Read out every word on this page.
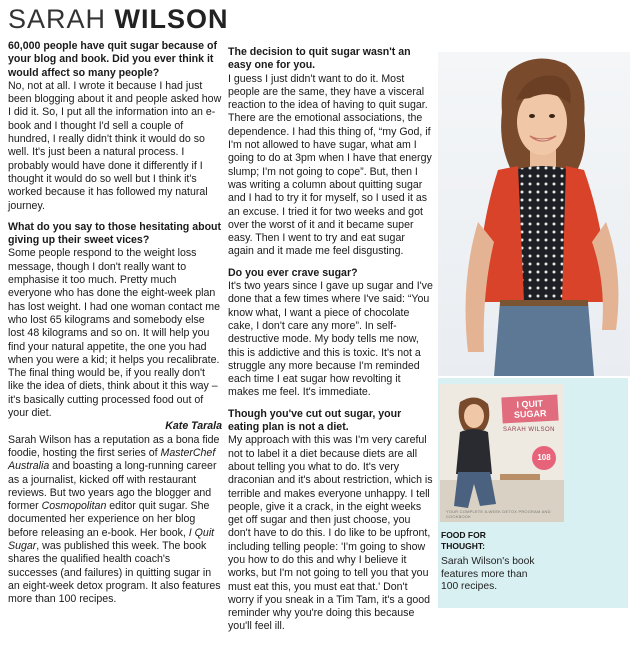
SARAH WILSON

60,000 people have quit sugar because of your blog and book. Did you ever think it would affect so many people?

No, not at all. I wrote it because I had just been blogging about it and people asked how I did it. So, I put all the information into an e-book and I thought I'd sell a couple of hundred, I really didn't think it would do so well. It's just been a natural process. I probably would have done it differently if I thought it would do so well but I think it's worked because it has followed my natural journey.

What do you say to those hesitating about giving up their sweet vices?

Some people respond to the weight loss message, though I don't really want to emphasise it too much. Pretty much everyone who has done the eight-week plan has lost weight. I had one woman contact me who lost 65 kilograms and somebody else lost 48 kilograms and so on. It will help you find your natural appetite, the one you had when you were a kid; it helps you recalibrate. The final thing would be, if you really don't like the idea of diets, think about it this way – it's basically cutting processed food out of your diet.

Kate Tarala

Sarah Wilson has a reputation as a bona fide foodie, hosting the first series of MasterChef Australia and boasting a long-running career as a journalist, kicked off with restaurant reviews. But two years ago the blogger and former Cosmopolitan editor quit sugar. She documented her experience on her blog before releasing an e-book. Her book, I Quit Sugar, was published this week. The book shares the qualified health coach's successes (and failures) in quitting sugar in an eight-week detox program. It also features more than 100 recipes.

The decision to quit sugar wasn't an easy one for you.

I guess I just didn't want to do it. Most people are the same, they have a visceral reaction to the idea of having to quit sugar. There are the emotional associations, the dependence. I had this thing of, “my God, if I'm not allowed to have sugar, what am I going to do at 3pm when I have that energy slump; I'm not going to cope”. But, then I was writing a column about quitting sugar and I had to try it for myself, so I used it as an excuse. I tried it for two weeks and got over the worst of it and it became super easy. Then I went to try and eat sugar again and it made me feel disgusting.

Do you ever crave sugar?

It's two years since I gave up sugar and I've done that a few times where I've said: “You know what, I want a piece of chocolate cake, I don't care any more”. In self-destructive mode. My body tells me now, this is addictive and this is toxic. It's not a struggle any more because I'm reminded each time I eat sugar how revolting it makes me feel. It's immediate.

Though you've cut out sugar, your eating plan is not a diet.

My approach with this was I'm very careful not to label it a diet because diets are all about telling you what to do. It's very draconian and it's about restriction, which is terrible and makes everyone unhappy. I tell people, give it a crack, in the eight weeks get off sugar and then just choose, you don't have to do this. I do like to be upfront, including telling people: 'I'm going to show you how to do this and why I believe it works, but I'm not going to tell you that you must eat this, you must eat that.' Don't worry if you sneak in a Tim Tam, it's a good reminder why you're doing this because you'll feel ill.

I QUIT SUGAR
SARAH WILSON
108
YOUR COMPLETE 8-WEEK DETOX PROGRAM AND COOKBOOK
FOOD FOR THOUGHT:
Sarah Wilson's book features more than 100 recipes.
